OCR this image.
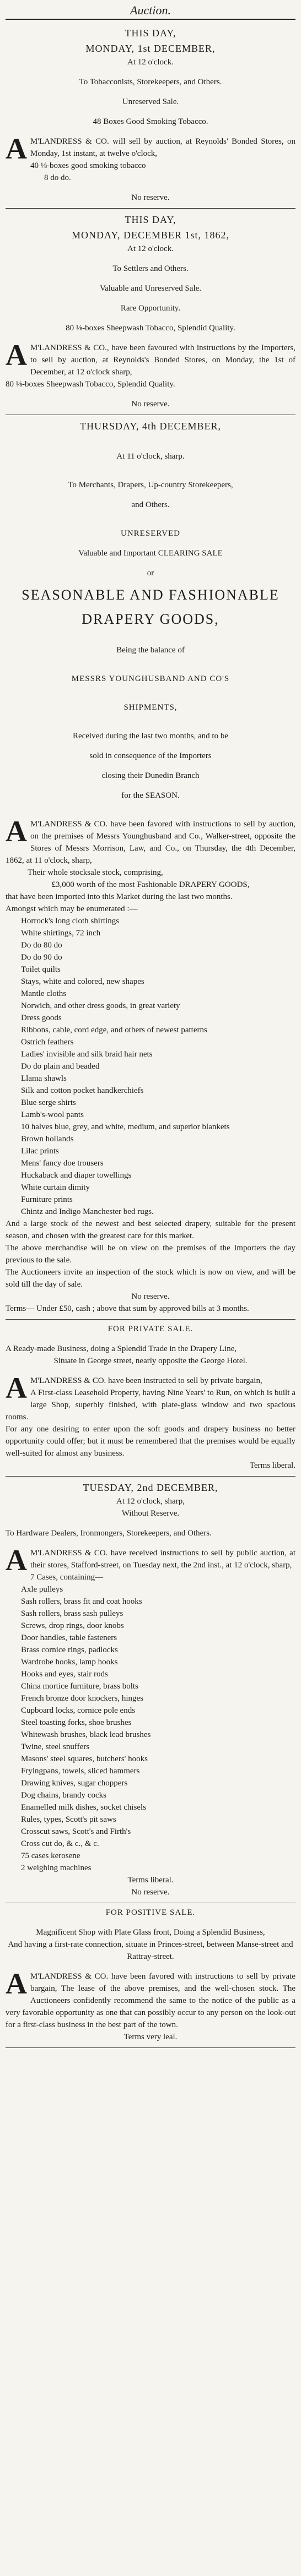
Auction.

THIS DAY,

MONDAY, 1st DECEMBER,

At 12 o'clock.

To Tobacconists, Storekeepers, and Others.

Unreserved Sale.

48 Boxes Good Smoking Tobacco.

A M'LANDRESS & CO. will sell by auction, at Reynolds' Bonded Stores, on Monday, 1st instant, at twelve o'clock,

40 ⅛-boxes good smoking tobacco

8 do do.

No reserve.

THIS DAY,

MONDAY, DECEMBER 1st, 1862,

At 12 o'clock.

To Settlers and Others.

Valuable and Unreserved Sale.

Rare Opportunity.

80 ⅛-boxes Sheepwash Tobacco, Splendid Quality.

A M'LANDRESS & CO., have been favoured with instructions by the Importers, to sell by auction, at Reynolds's Bonded Stores, on Monday, the 1st of December, at 12 o'clock sharp,

80 ⅛-boxes Sheepwash Tobacco, Splendid Quality.

No reserve.

THURSDAY, 4th DECEMBER,

At 11 o'clock, sharp.

To Merchants, Drapers, Up-country Storekeepers,

and Others.

UNRESERVED

Valuable and Important CLEARING SALE

or

SEASONABLE AND FASHIONABLE

DRAPERY GOODS,

Being the balance of

MESSRS YOUNGHUSBAND AND CO'S

SHIPMENTS,

Received during the last two months, and to be

sold in consequence of the Importers

closing their Dunedin Branch

for the SEASON.

A M'LANDRESS & CO. have been favored with instructions to sell by auction, on the premises of Messrs Younghusband and Co., Walker-street, opposite the Stores of Messrs Morrison, Law, and Co., on Thursday, the 4th December, 1862, at 11 o'clock, sharp,

Their whole stocksale stock, comprising,

£3,000 worth of the most Fashionable DRAPERY GOODS,

that have been imported into this Market during the last two months.

Amongst which may be enumerated :—

Horrock's long cloth shirtings
White shirtings, 72 inch
Do do 80 do
Do do 90 do
Toilet quilts
Stays, white and colored, new shapes
Mantle cloths
Norwich, and other dress goods, in great variety
Dress goods
Ribbons, cable, cord edge, and others of newest patterns
Ostrich feathers
Ladies' invisible and silk braid hair nets
Do do plain and beaded
Llama shawls
Silk and cotton pocket handkerchiefs
Blue serge shirts
Lamb's-wool pants
10 halves blue, grey, and white, medium, and superior blankets
Brown hollands
Lilac prints
Mens' fancy doe trousers
Huckaback and diaper towellings
White curtain dimity
Furniture prints
Chintz and Indigo Manchester bed rugs.

And a large stock of the newest and best selected drapery, suitable for the present season, and chosen with the greatest care for this market.

The above merchandise will be on view on the premises of the Importers the day previous to the sale.

The Auctioneers invite an inspection of the stock which is now on view, and will be sold till the day of sale.

No reserve.

Terms— Under £50, cash ; above that sum by approved bills at 3 months.

FOR PRIVATE SALE.

A Ready-made Business, doing a Splendid Trade in the Drapery Line,

Situate in George street, nearly opposite the George Hotel.

A M'LANDRESS & CO. have been instructed to sell by private bargain,

A First-class Leasehold Property, having Nine Years' to Run, on which is built a large Shop, superbly finished, with plate-glass window and two spacious rooms.

For any one desiring to enter upon the soft goods and drapery business no better opportunity could offer; but it must be remembered that the premises would be equally well-suited for almost any business.

Terms liberal.

TUESDAY, 2nd DECEMBER,

At 12 o'clock, sharp,

Without Reserve.

To Hardware Dealers, Ironmongers, Storekeepers, and Others.

A M'LANDRESS & CO. have received instructions to sell by public auction, at their stores, Stafford-street, on Tuesday next, the 2nd inst., at 12 o'clock, sharp,

7 Cases, containing—

Axle pulleys
Sash rollers, brass fit and coat hooks
Sash rollers, brass sash pulleys
Screws, drop rings, door knobs
Door handles, table fasteners
Brass cornice rings, padlocks
Wardrobe hooks, lamp hooks
Hooks and eyes, stair rods
China mortice furniture, brass bolts
French bronze door knockers, hinges
Cupboard locks, cornice pole ends
Steel toasting forks, shoe brushes
Whitewash brushes, black lead brushes
Twine, steel snuffers
Masons' steel squares, butchers' hooks
Fryingpans, towels, sliced hammers
Drawing knives, sugar choppers
Dog chains, brandy cocks
Enamelled milk dishes, socket chisels
Rules, types, Scott's pit saws
Crosscut saws, Scott's and Firth's
Cross cut do, & c., & c.
75 cases kerosene
2 weighing machines

Terms liberal.

No reserve.

FOR POSITIVE SALE.

Magnificent Shop with Plate Glass front, Doing a Splendid Business,

And having a first-rate connection, situate in Princes-street, between Manse-street and Rattray-street.

A M'LANDRESS & CO. have been favored with instructions to sell by private bargain, The lease of the above premises, and the well-chosen stock. The Auctioneers confidently recommend the same to the notice of the public as a very favorable opportunity as one that can possibly occur to any person on the look-out for a first-class business in the best part of the town.

Terms very leal.
